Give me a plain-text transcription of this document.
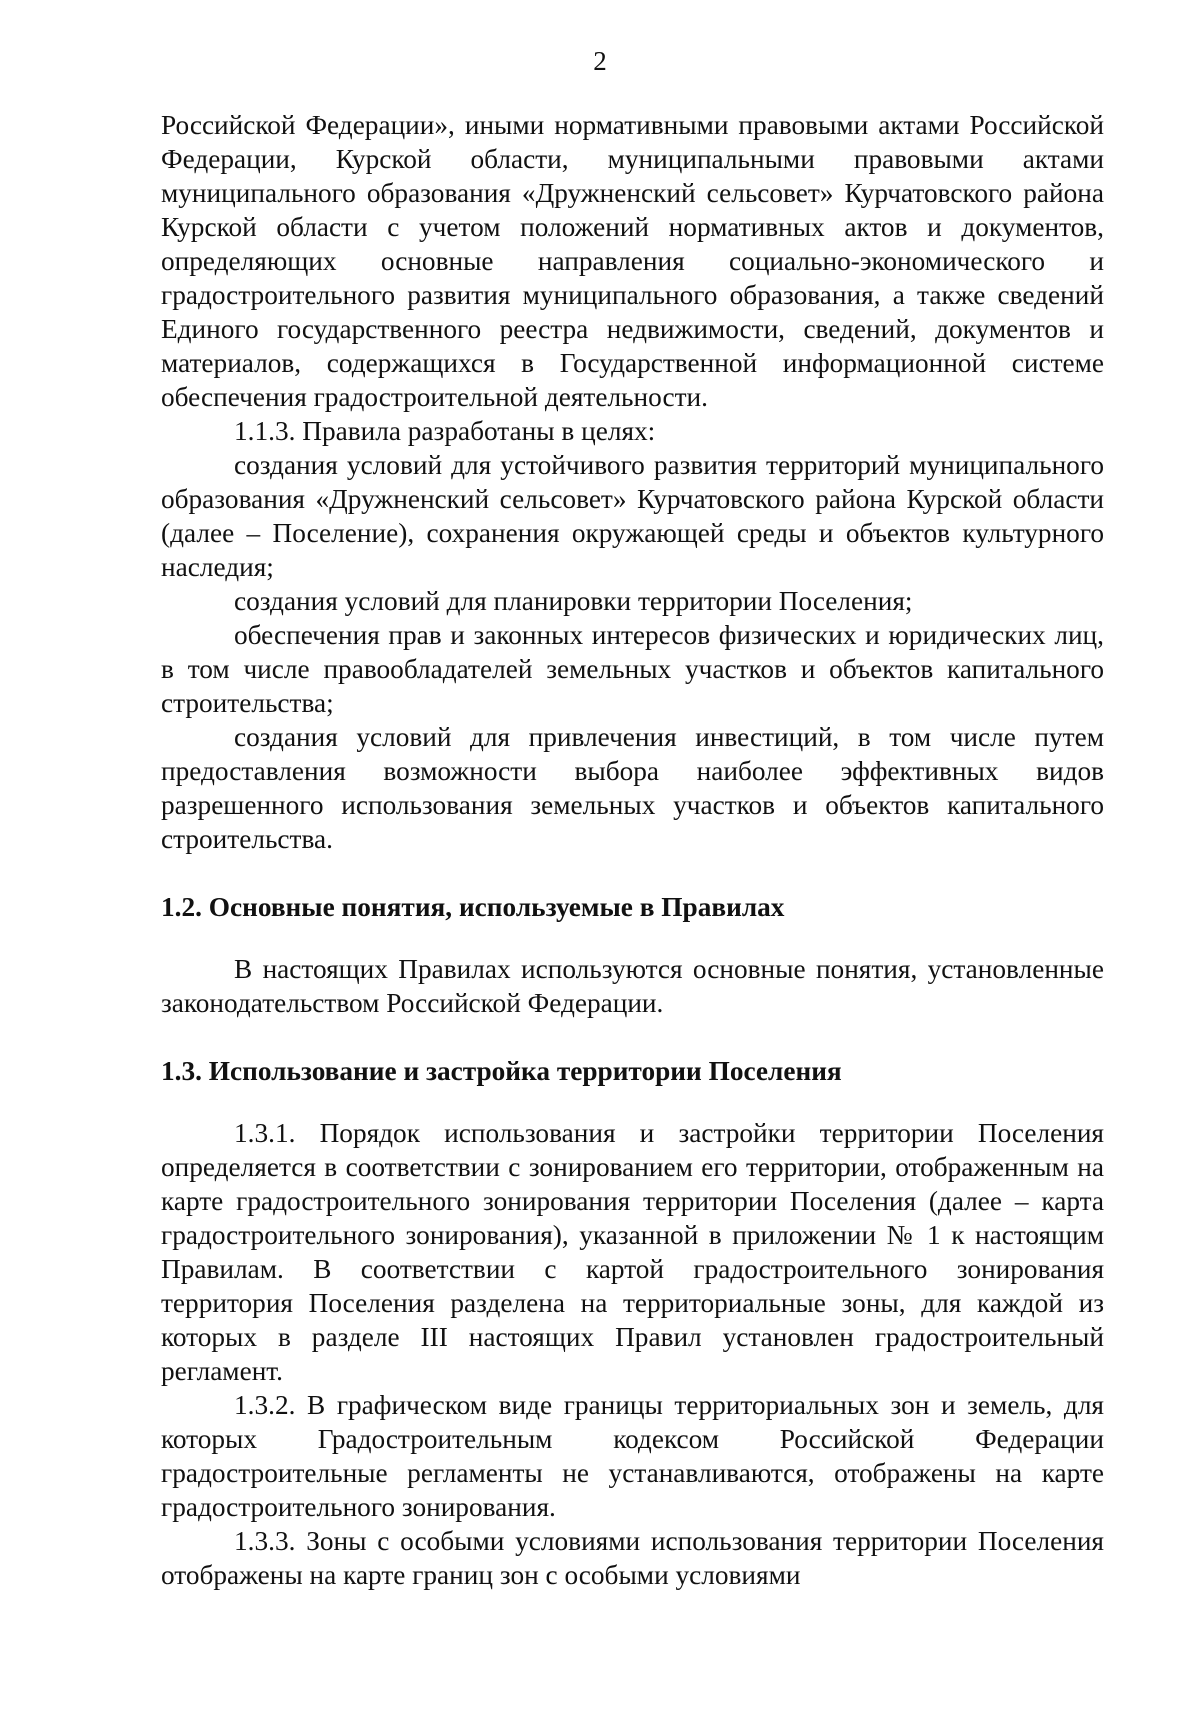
2

Российской Федерации», иными нормативными правовыми актами Российской Федерации, Курской области, муниципальными правовыми актами муниципального образования «Дружненский сельсовет» Курчатовского района Курской области с учетом положений нормативных актов и документов, определяющих основные направления социально-экономического и градостроительного развития муниципального образования, а также сведений Единого государственного реестра недвижимости, сведений, документов и материалов, содержащихся в Государственной информационной системе обеспечения градостроительной деятельности.

1.1.3. Правила разработаны в целях:

создания условий для устойчивого развития территорий муниципального образования «Дружненский сельсовет» Курчатовского района Курской области (далее – Поселение), сохранения окружающей среды и объектов культурного наследия;

создания условий для планировки территории Поселения;

обеспечения прав и законных интересов физических и юридических лиц, в том числе правообладателей земельных участков и объектов капитального строительства;

создания условий для привлечения инвестиций, в том числе путем предоставления возможности выбора наиболее эффективных видов разрешенного использования земельных участков и объектов капитального строительства.

1.2. Основные понятия, используемые в Правилах

В настоящих Правилах используются основные понятия, установленные законодательством Российской Федерации.

1.3. Использование и застройка территории Поселения

1.3.1. Порядок использования и застройки территории Поселения определяется в соответствии с зонированием его территории, отображенным на карте градостроительного зонирования территории Поселения (далее – карта градостроительного зонирования), указанной в приложении № 1 к настоящим Правилам. В соответствии с картой градостроительного зонирования территория Поселения разделена на территориальные зоны, для каждой из которых в разделе III настоящих Правил установлен градостроительный регламент.

1.3.2. В графическом виде границы территориальных зон и земель, для которых Градостроительным кодексом Российской Федерации градостроительные регламенты не устанавливаются, отображены на карте градостроительного зонирования.

1.3.3. Зоны с особыми условиями использования территории Поселения отображены на карте границ зон с особыми условиями
